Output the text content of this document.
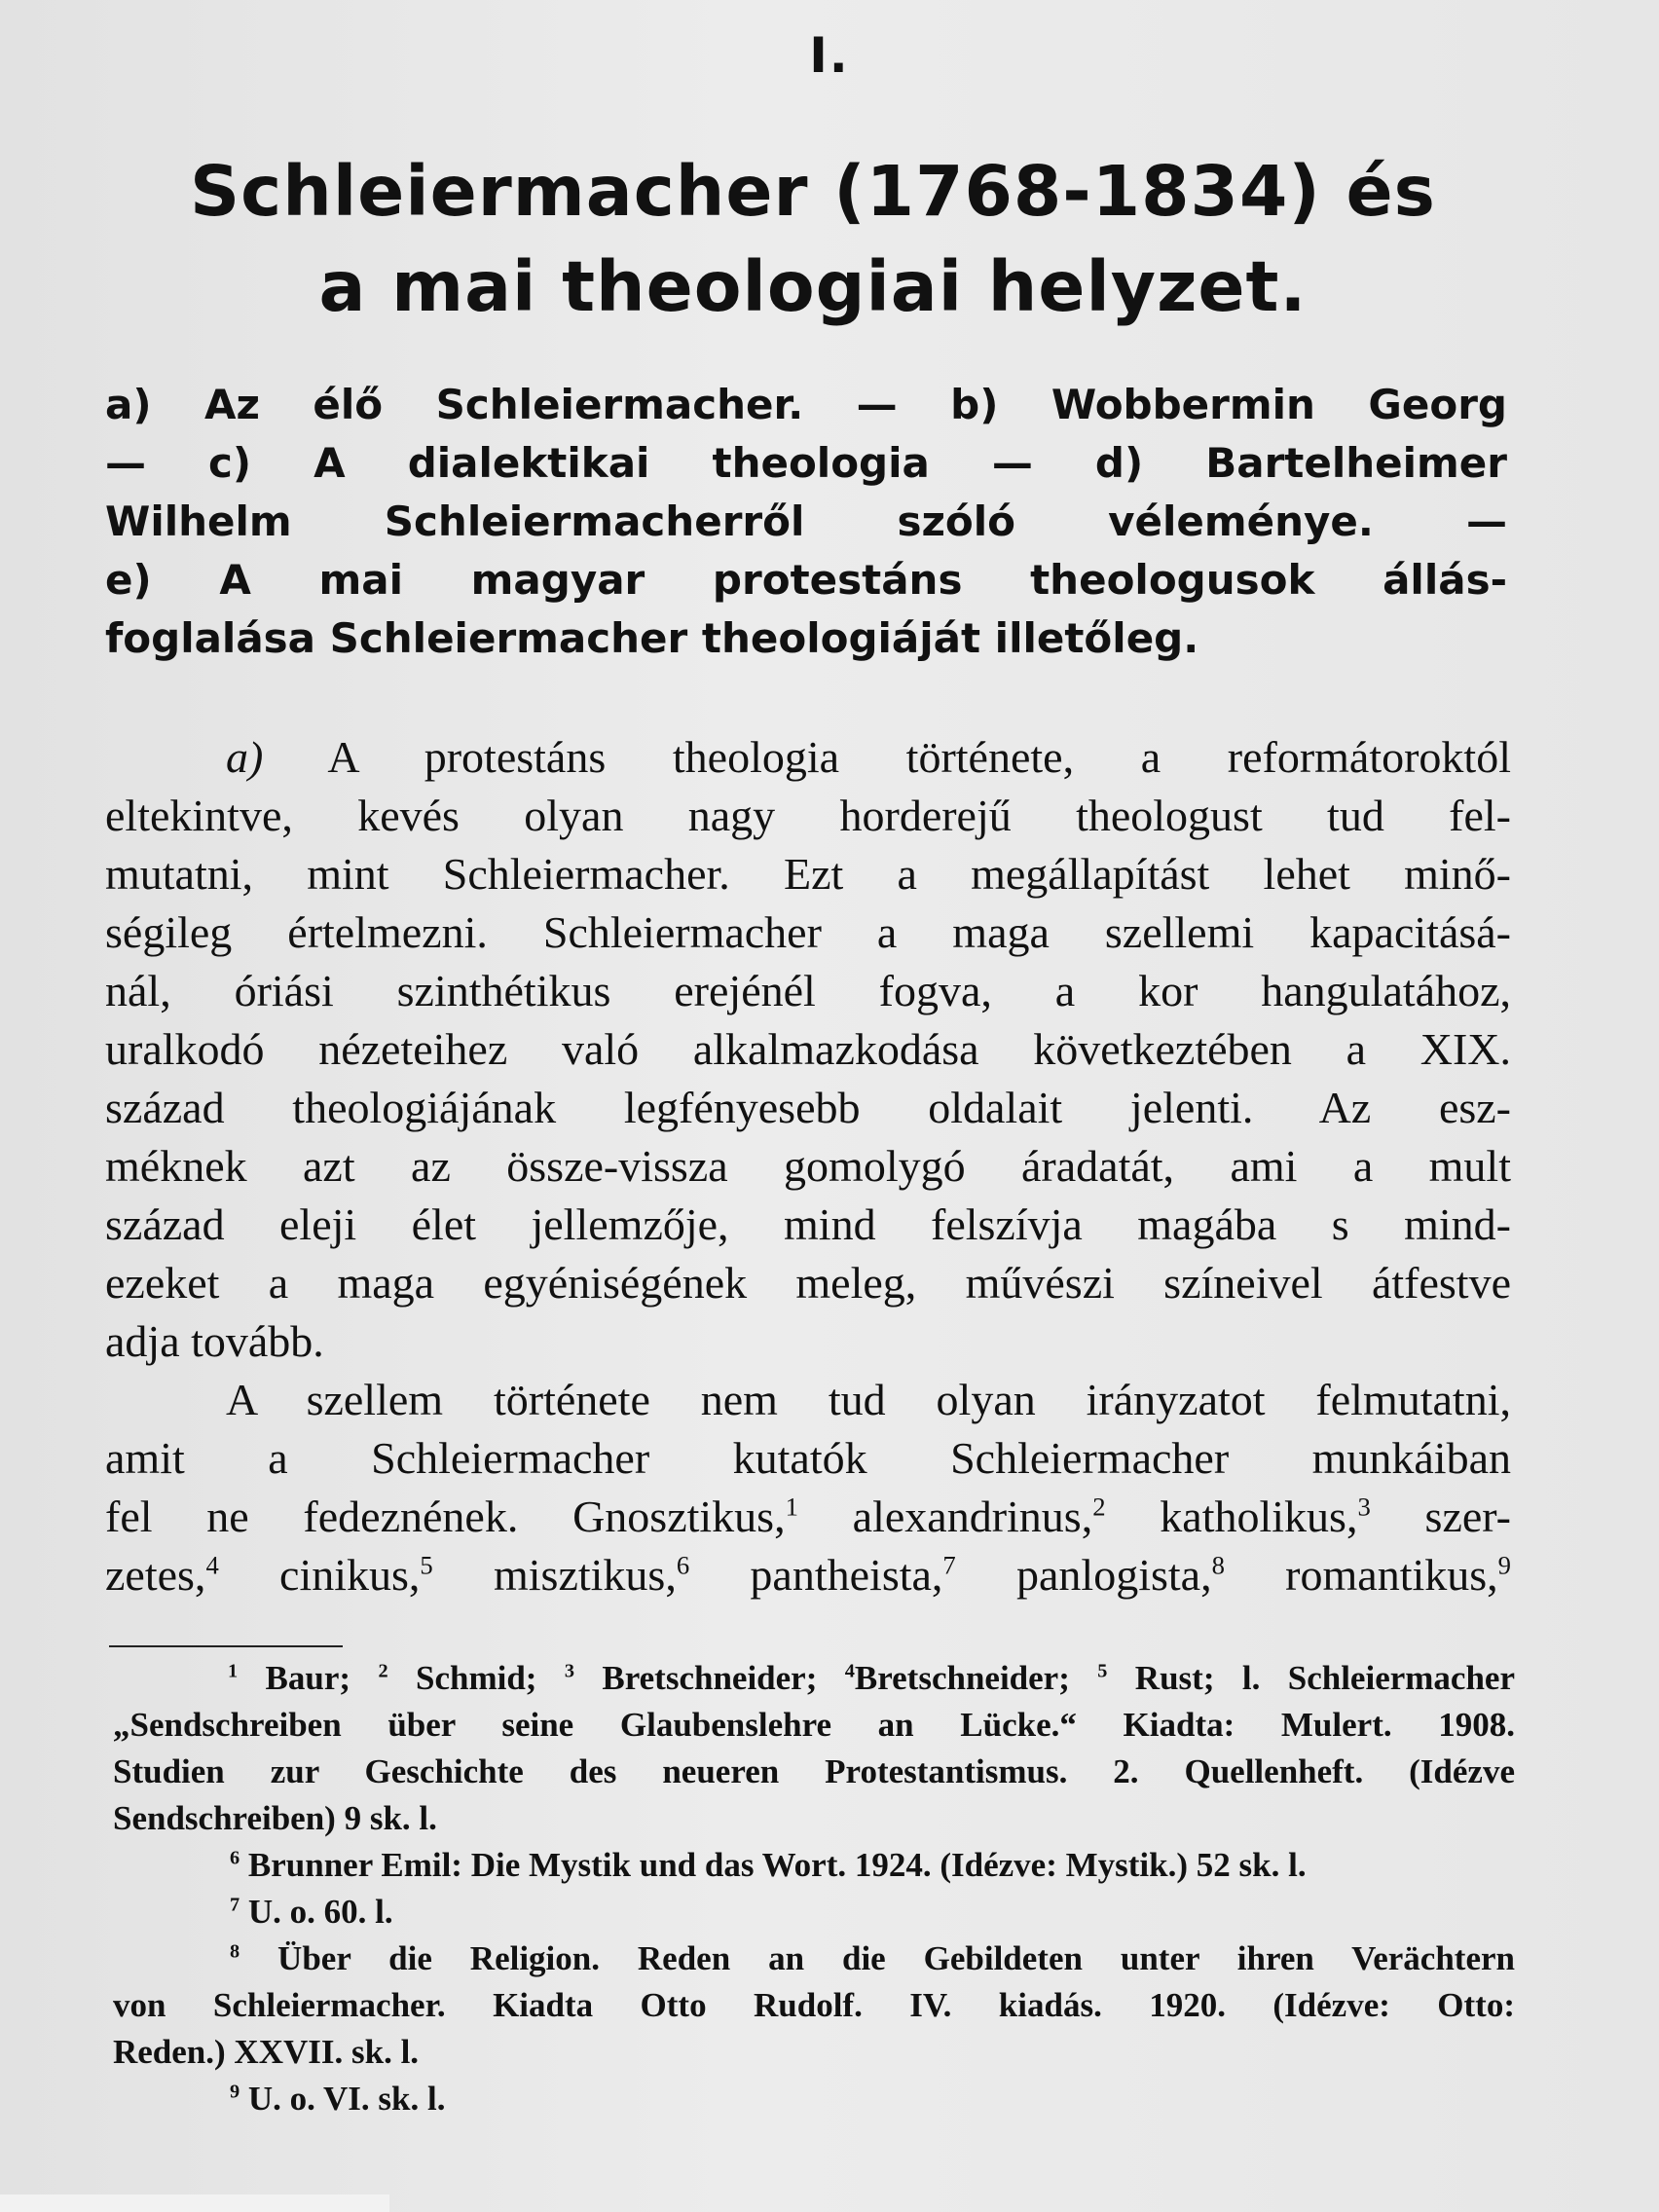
I.
Schleiermacher (1768-1834) és
a mai theologiai helyzet.
a) Az élő Schleiermacher. — b) Wobbermin Georg
— c) A dialektikai theologia — d) Bartelheimer
Wilhelm Schleiermacherről szóló véleménye. —
e) A mai magyar protestáns theologusok állás-
foglalása Schleiermacher theologiáját illetőleg.
a) A protestáns theologia története, a reformátoroktól
eltekintve, kevés olyan nagy horderejű theologust tud fel-
mutatni, mint Schleiermacher. Ezt a megállapítást lehet minő-
ségileg értelmezni. Schleiermacher a maga szellemi kapacitásá-
nál, óriási szinthétikus erejénél fogva, a kor hangulatához,
uralkodó nézeteihez való alkalmazkodása következtében a XIX.
század theologiájának legfényesebb oldalait jelenti. Az esz-
méknek azt az össze-vissza gomolygó áradatát, ami a mult
század eleji élet jellemzője, mind felszívja magába s mind-
ezeket a maga egyéniségének meleg, művészi színeivel átfestve
adja tovább.
A szellem története nem tud olyan irányzatot felmutatni,
amit a Schleiermacher kutatók Schleiermacher munkáiban
fel ne fedeznének. Gnosztikus,$^1$ alexandrinus,$^2$ katholikus,$^3$ szer-
zetes,$^4$ cinikus,$^5$ misztikus,$^6$ pantheista,$^7$ panlogista,$^8$ romantikus,$^9$
$^1$ Baur; $^2$ Schmid; $^3$ Bretschneider; $^4$Bretschneider; $^5$ Rust; l. Schleiermacher
„Sendschreiben über seine Glaubenslehre an Lücke.“ Kiadta: Mulert. 1908.
Studien zur Geschichte des neueren Protestantismus. 2. Quellenheft. (Idézve
Sendschreiben) 9 sk. l.
$^6$ Brunner Emil: Die Mystik und das Wort. 1924. (Idézve: Mystik.) 52 sk. l.
$^7$ U. o. 60. l.
$^8$ Über die Religion. Reden an die Gebildeten unter ihren Verächtern
von Schleiermacher. Kiadta Otto Rudolf. IV. kiadás. 1920. (Idézve: Otto:
Reden.) XXVII. sk. l.
$^9$ U. o. VI. sk. l.
